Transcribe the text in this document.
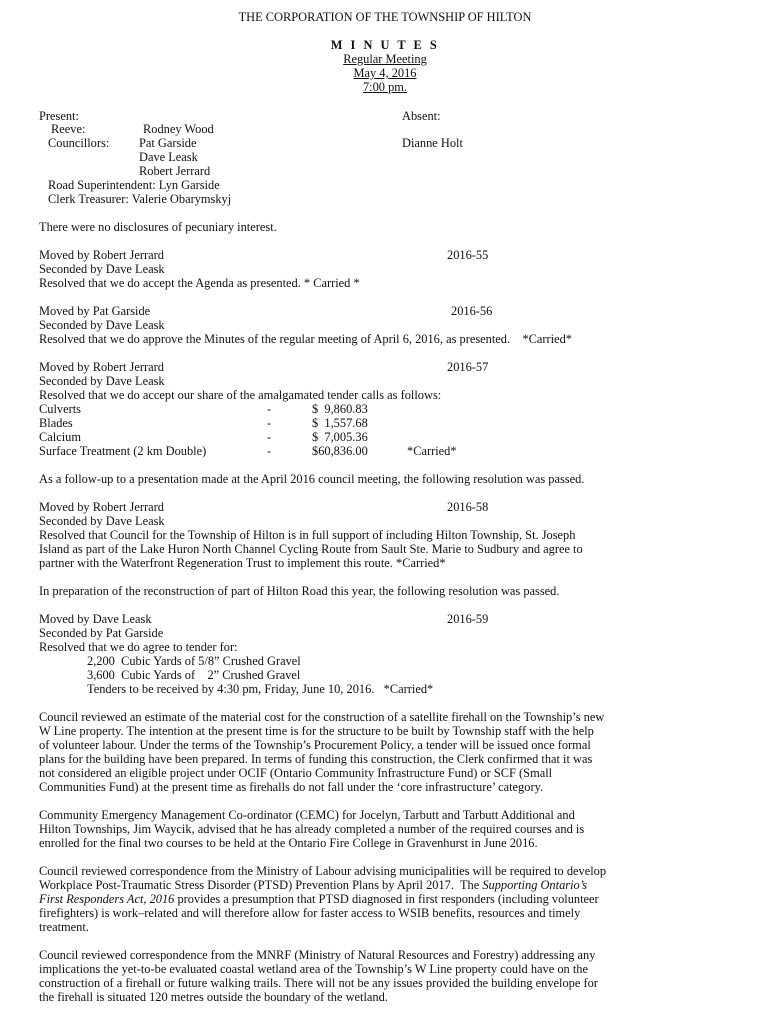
THE CORPORATION OF THE TOWNSHIP OF HILTON
M I N U T E S
Regular Meeting
May 4, 2016
7:00 pm.
Present:	Absent:
Reeve:	Rodney Wood
Councillors: Pat Garside	Dianne Holt
Dave Leask
Robert Jerrard
Road Superintendent: Lyn Garside
Clerk Treasurer: Valerie Obarymskyj
There were no disclosures of pecuniary interest.
Moved by Robert Jerrard	2016-55
Seconded by Dave Leask
Resolved that we do accept the Agenda as presented. * Carried *
Moved by Pat Garside	2016-56
Seconded by Dave Leask
Resolved that we do approve the Minutes of the regular meeting of April 6, 2016, as presented.    *Carried*
Moved by Robert Jerrard	2016-57
Seconded by Dave Leask
Resolved that we do accept our share of the amalgamated tender calls as follows:
Culverts	-	$  9,860.83
Blades	-	$  1,557.68
Calcium	-	$  7,005.36
Surface Treatment (2 km Double)	-	$60,836.00	*Carried*
As a follow-up to a presentation made at the April 2016 council meeting, the following resolution was passed.
Moved by Robert Jerrard	2016-58
Seconded by Dave Leask
Resolved that Council for the Township of Hilton is in full support of including Hilton Township, St. Joseph
Island as part of the Lake Huron North Channel Cycling Route from Sault Ste. Marie to Sudbury and agree to
partner with the Waterfront Regeneration Trust to implement this route. *Carried*
In preparation of the reconstruction of part of Hilton Road this year, the following resolution was passed.
Moved by Dave Leask	2016-59
Seconded by Pat Garside
Resolved that we do agree to tender for:
2,200  Cubic Yards of 5/8” Crushed Gravel
3,600  Cubic Yards of    2” Crushed Gravel
Tenders to be received by 4:30 pm, Friday, June 10, 2016.   *Carried*
Council reviewed an estimate of the material cost for the construction of a satellite firehall on the Township’s new
W Line property. The intention at the present time is for the structure to be built by Township staff with the help
of volunteer labour. Under the terms of the Township’s Procurement Policy, a tender will be issued once formal
plans for the building have been prepared. In terms of funding this construction, the Clerk confirmed that it was
not considered an eligible project under OCIF (Ontario Community Infrastructure Fund) or SCF (Small
Communities Fund) at the present time as firehalls do not fall under the ‘core infrastructure’ category.
Community Emergency Management Co-ordinator (CEMC) for Jocelyn, Tarbutt and Tarbutt Additional and
Hilton Townships, Jim Waycik, advised that he has already completed a number of the required courses and is
enrolled for the final two courses to be held at the Ontario Fire College in Gravenhurst in June 2016.
Council reviewed correspondence from the Ministry of Labour advising municipalities will be required to develop
Workplace Post-Traumatic Stress Disorder (PTSD) Prevention Plans by April 2017.  The Supporting Ontario’s
First Responders Act, 2016 provides a presumption that PTSD diagnosed in first responders (including volunteer
firefighters) is work–related and will therefore allow for faster access to WSIB benefits, resources and timely
treatment.
Council reviewed correspondence from the MNRF (Ministry of Natural Resources and Forestry) addressing any
implications the yet-to-be evaluated coastal wetland area of the Township’s W Line property could have on the
construction of a firehall or future walking trails. There will not be any issues provided the building envelope for
the firehall is situated 120 metres outside the boundary of the wetland.
